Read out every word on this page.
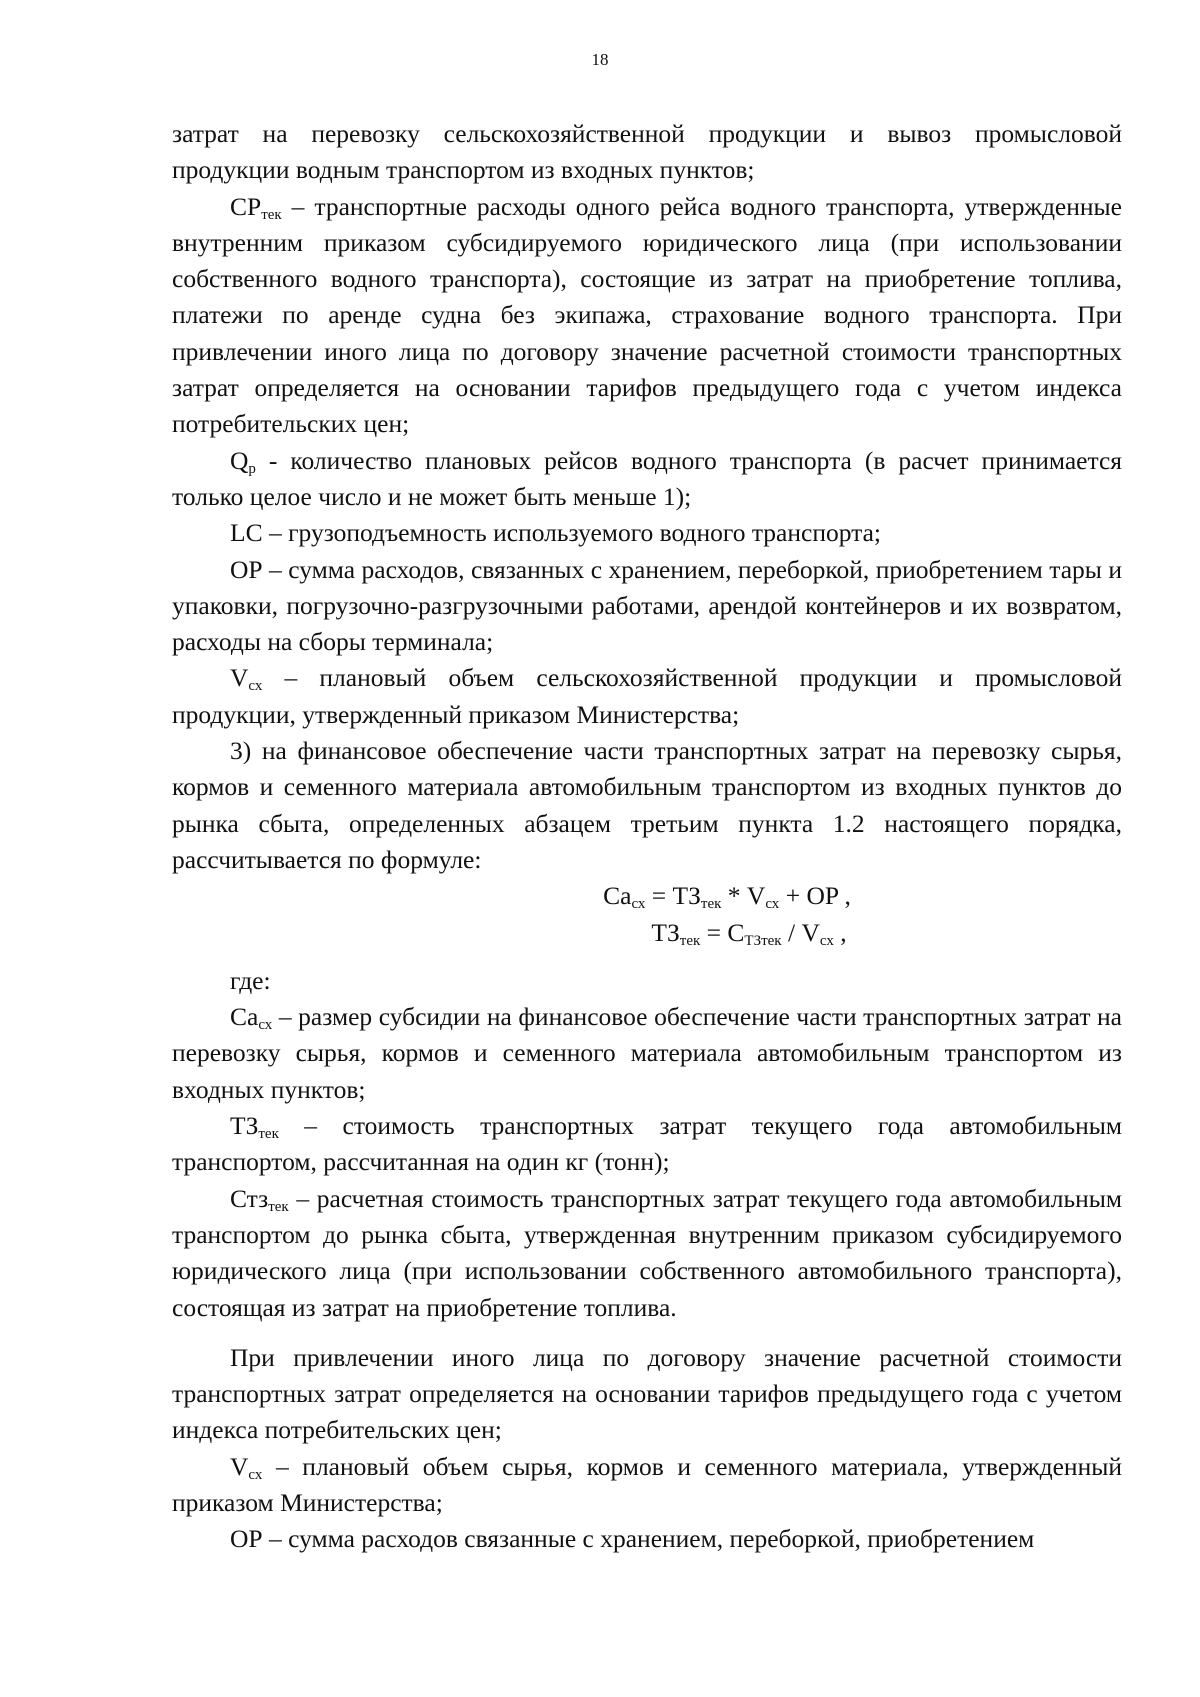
18

затрат на перевозку сельскохозяйственной продукции и вывоз промысловой продукции водным транспортом из входных пунктов;

$CP_{тек}$ – транспортные расходы одного рейса водного транспорта, утвержденные внутренним приказом субсидируемого юридического лица (при использовании собственного водного транспорта), состоящие из затрат на приобретение топлива, платежи по аренде судна без экипажа, страхование водного транспорта. При привлечении иного лица по договору значение расчетной стоимости транспортных затрат определяется на основании тарифов предыдущего года с учетом индекса потребительских цен;

$Q_р$ - количество плановых рейсов водного транспорта (в расчет принимается только целое число и не может быть меньше 1);

LC – грузоподъемность используемого водного транспорта;

ОР – сумма расходов, связанных с хранением, переборкой, приобретением тары и упаковки, погрузочно-разгрузочными работами, арендой контейнеров и их возвратом, расходы на сборы терминала;

$V_{сх}$ – плановый объем сельскохозяйственной продукции и промысловой продукции, утвержденный приказом Министерства;

3) на финансовое обеспечение части транспортных затрат на перевозку сырья, кормов и семенного материала автомобильным транспортом из входных пунктов до рынка сбыта, определенных абзацем третьим пункта 1.2 настоящего порядка, рассчитывается по формуле:

$Ca_{сх} = ТЗ_{тек} * V_{сх}$ + OP ,

$ТЗ_{тек} = C_{ТЗтек} / V_{сх}$ ,

где:

$Ca_{сх}$ – размер субсидии на финансовое обеспечение части транспортных затрат на перевозку сырья, кормов и семенного материала автомобильным транспортом из входных пунктов;

$ТЗ_{тек}$ – стоимость транспортных затрат текущего года автомобильным транспортом, рассчитанная на один кг (тонн);

Стз$_{тек}$ – расчетная стоимость транспортных затрат текущего года автомобильным транспортом до рынка сбыта, утвержденная внутренним приказом субсидируемого юридического лица (при использовании собственного автомобильного транспорта), состоящая из затрат на приобретение топлива.

При привлечении иного лица по договору значение расчетной стоимости транспортных затрат определяется на основании тарифов предыдущего года с учетом индекса потребительских цен;

$V_{сх}$ – плановый объем сырья, кормов и семенного материала, утвержденный приказом Министерства;

ОР – сумма расходов связанные с хранением, переборкой, приобретением
